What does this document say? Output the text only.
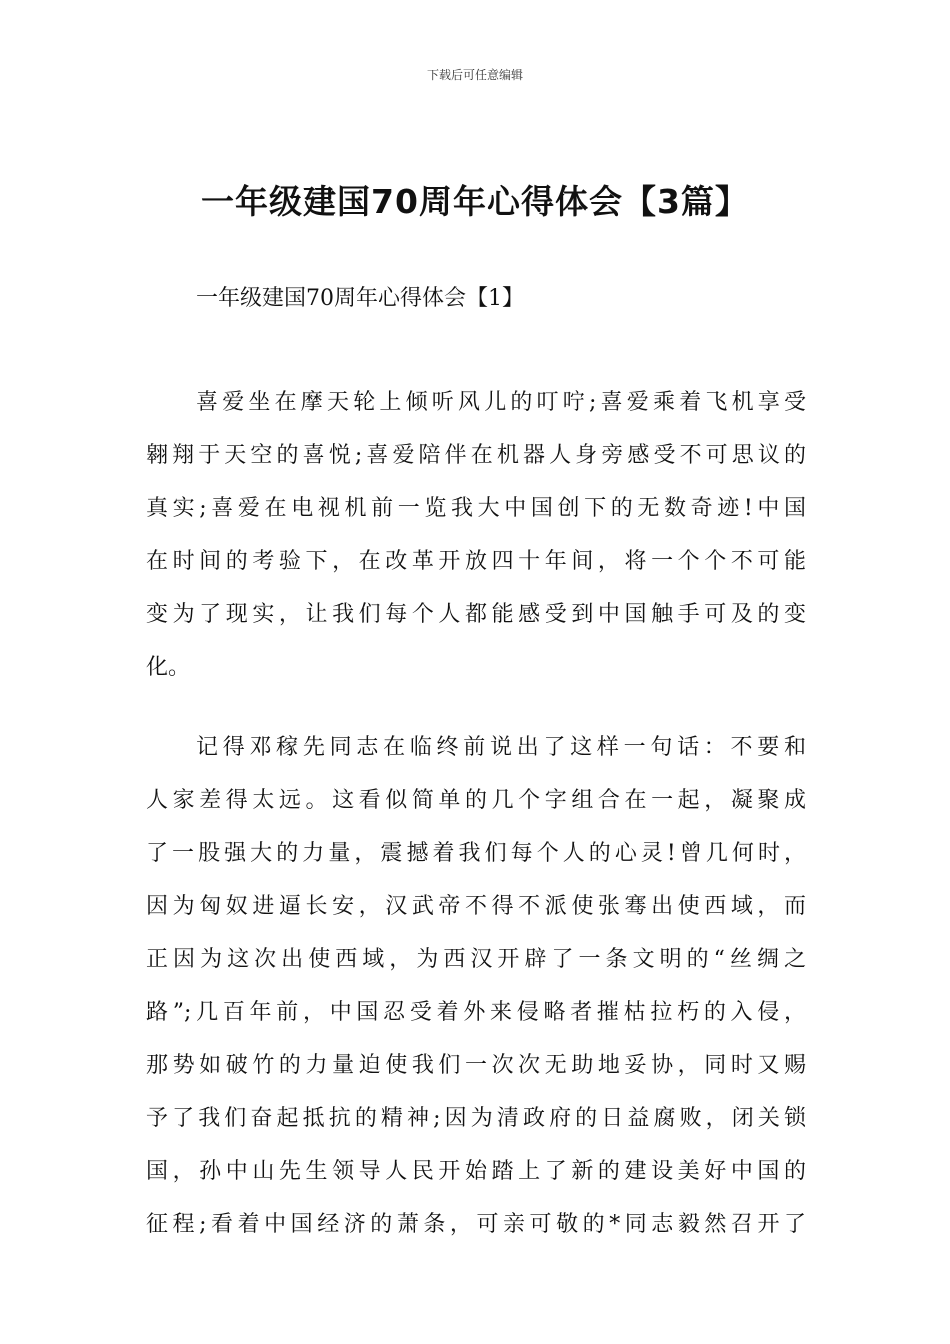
下载后可任意编辑
一年级建国70周年心得体会【3篇】
一年级建国70周年心得体会【1】
喜爱坐在摩天轮上倾听风儿的叮咛;喜爱乘着飞机享受
翱翔于天空的喜悦;喜爱陪伴在机器人身旁感受不可思议的
真实;喜爱在电视机前一览我大中国创下的无数奇迹!中国
在时间的考验下，在改革开放四十年间，将一个个不可能
变为了现实，让我们每个人都能感受到中国触手可及的变
化。
记得邓稼先同志在临终前说出了这样一句话：不要和
人家差得太远。这看似简单的几个字组合在一起，凝聚成
了一股强大的力量，震撼着我们每个人的心灵!曾几何时，
因为匈奴进逼长安，汉武帝不得不派使张骞出使西域，而
正因为这次出使西域，为西汉开辟了一条文明的“丝绸之
路”;几百年前，中国忍受着外来侵略者摧枯拉朽的入侵，
那势如破竹的力量迫使我们一次次无助地妥协，同时又赐
予了我们奋起抵抗的精神;因为清政府的日益腐败，闭关锁
国，孙中山先生领导人民开始踏上了新的建设美好中国的
征程;看着中国经济的萧条，可亲可敬的*同志毅然召开了
